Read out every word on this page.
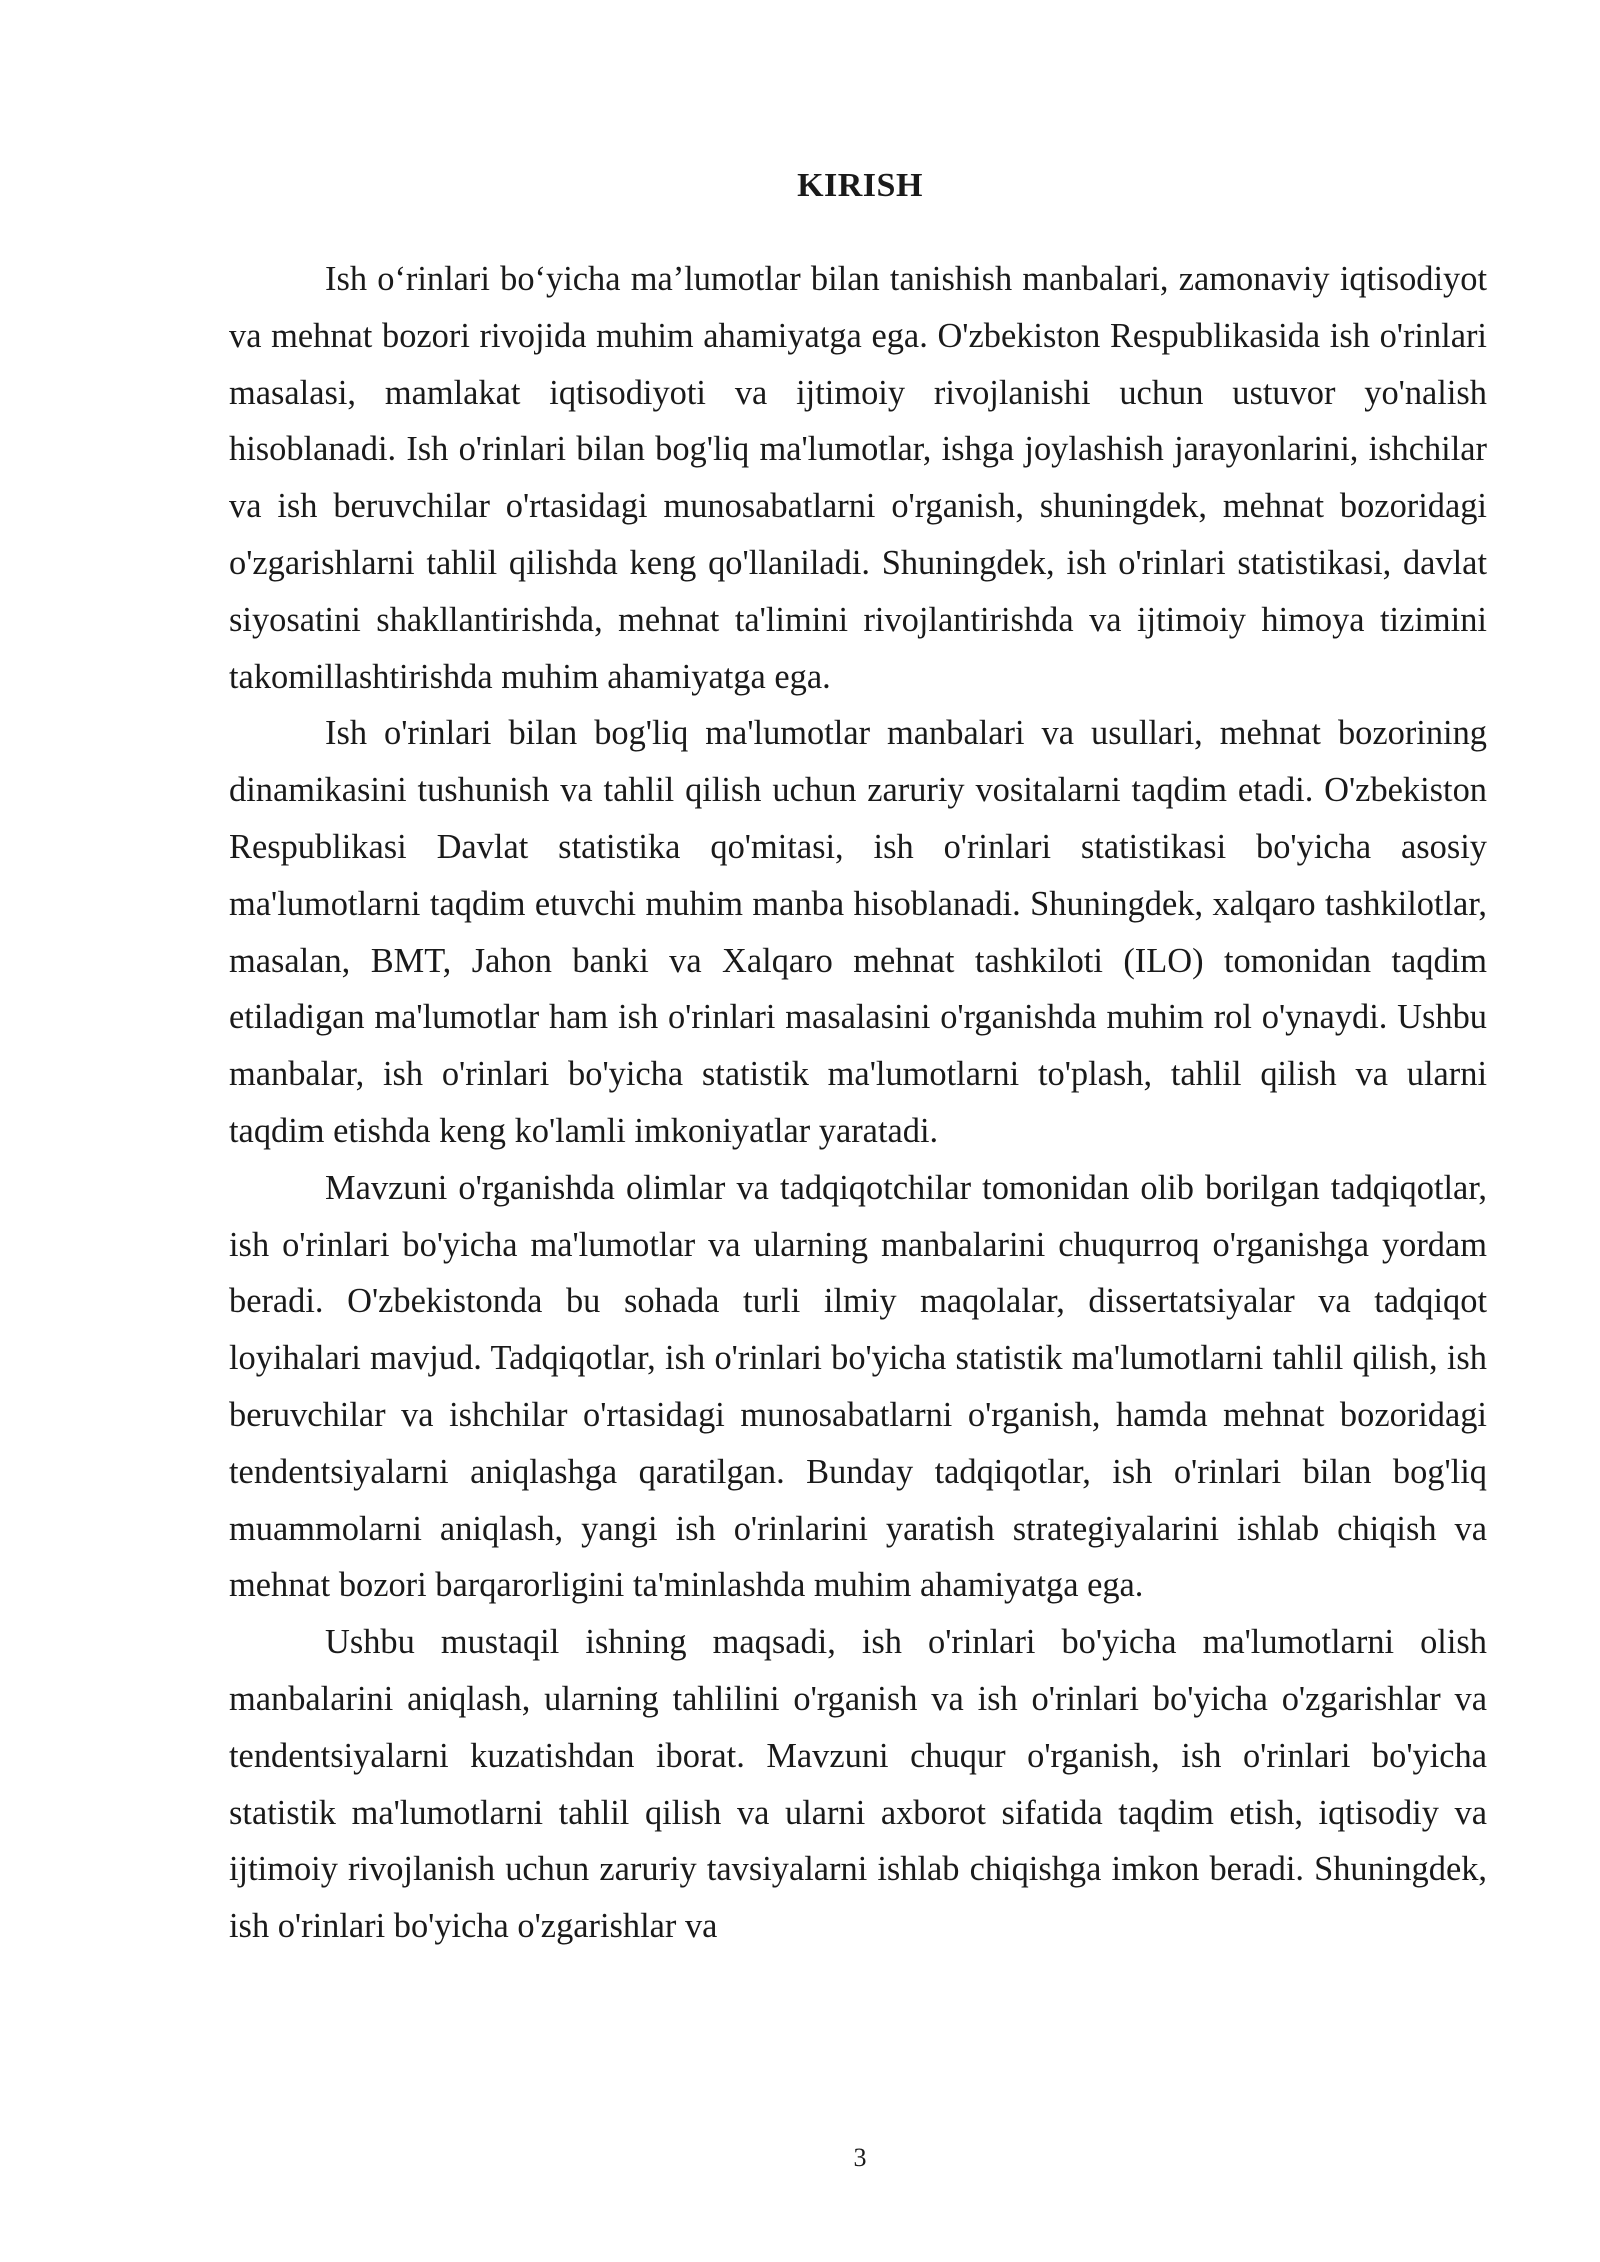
KIRISH

Ish o‘rinlari bo‘yicha ma’lumotlar bilan tanishish manbalari, zamonaviy iqtisodiyot va mehnat bozori rivojida muhim ahamiyatga ega. O'zbekiston Respublikasida ish o'rinlari masalasi, mamlakat iqtisodiyoti va ijtimoiy rivojlanishi uchun ustuvor yo'nalish hisoblanadi. Ish o'rinlari bilan bog'liq ma'lumotlar, ishga joylashish jarayonlarini, ishchilar va ish beruvchilar o'rtasidagi munosabatlarni o'rganish, shuningdek, mehnat bozoridagi o'zgarishlarni tahlil qilishda keng qo'llaniladi. Shuningdek, ish o'rinlari statistikasi, davlat siyosatini shakllantirishda, mehnat ta'limini rivojlantirishda va ijtimoiy himoya tizimini takomillashtirishda muhim ahamiyatga ega.

Ish o'rinlari bilan bog'liq ma'lumotlar manbalari va usullari, mehnat bozorining dinamikasini tushunish va tahlil qilish uchun zaruriy vositalarni taqdim etadi. O'zbekiston Respublikasi Davlat statistika qo'mitasi, ish o'rinlari statistikasi bo'yicha asosiy ma'lumotlarni taqdim etuvchi muhim manba hisoblanadi. Shuningdek, xalqaro tashkilotlar, masalan, BMT, Jahon banki va Xalqaro mehnat tashkiloti (ILO) tomonidan taqdim etiladigan ma'lumotlar ham ish o'rinlari masalasini o'rganishda muhim rol o'ynaydi. Ushbu manbalar, ish o'rinlari bo'yicha statistik ma'lumotlarni to'plash, tahlil qilish va ularni taqdim etishda keng ko'lamli imkoniyatlar yaratadi.

Mavzuni o'rganishda olimlar va tadqiqotchilar tomonidan olib borilgan tadqiqotlar, ish o'rinlari bo'yicha ma'lumotlar va ularning manbalarini chuqurroq o'rganishga yordam beradi. O'zbekistonda bu sohada turli ilmiy maqolalar, dissertatsiyalar va tadqiqot loyihalari mavjud. Tadqiqotlar, ish o'rinlari bo'yicha statistik ma'lumotlarni tahlil qilish, ish beruvchilar va ishchilar o'rtasidagi munosabatlarni o'rganish, hamda mehnat bozoridagi tendentsiyalarni aniqlashga qaratilgan. Bunday tadqiqotlar, ish o'rinlari bilan bog'liq muammolarni aniqlash, yangi ish o'rinlarini yaratish strategiyalarini ishlab chiqish va mehnat bozori barqarorligini ta'minlashda muhim ahamiyatga ega.

Ushbu mustaqil ishning maqsadi, ish o'rinlari bo'yicha ma'lumotlarni olish manbalarini aniqlash, ularning tahlilini o'rganish va ish o'rinlari bo'yicha o'zgarishlar va tendentsiyalarni kuzatishdan iborat. Mavzuni chuqur o'rganish, ish o'rinlari bo'yicha statistik ma'lumotlarni tahlil qilish va ularni axborot sifatida taqdim etish, iqtisodiy va ijtimoiy rivojlanish uchun zaruriy tavsiyalarni ishlab chiqishga imkon beradi. Shuningdek, ish o'rinlari bo'yicha o'zgarishlar va

3
